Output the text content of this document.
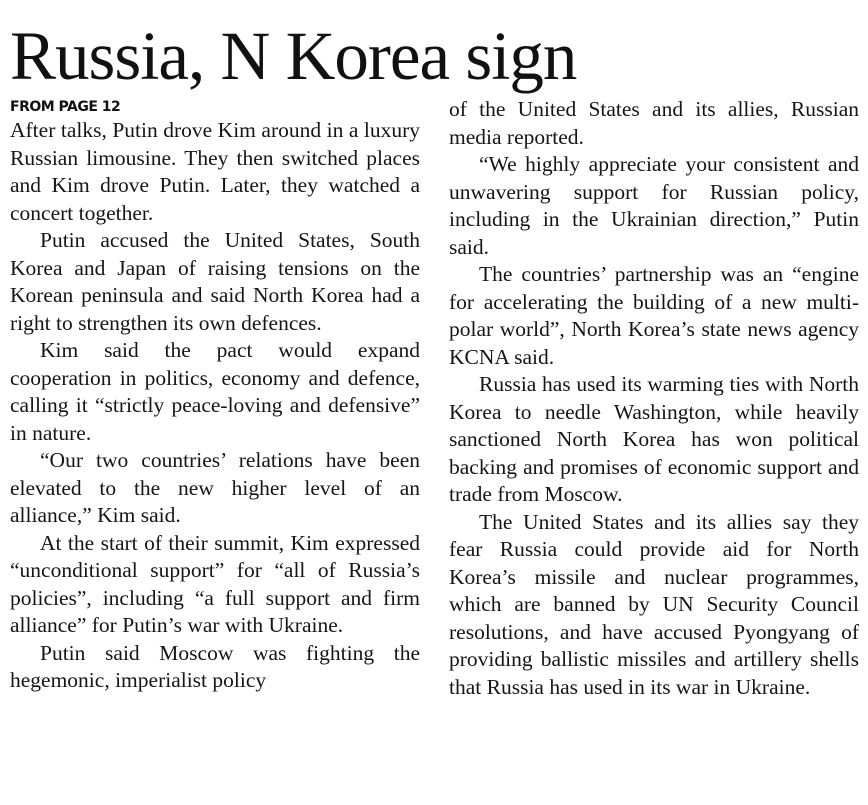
Russia, N Korea sign
FROM PAGE 12

After talks, Putin drove Kim around in a luxury Russian limousine. They then switched places and Kim drove Putin. Later, they watched a concert together.

Putin accused the United States, South Korea and Japan of raising tensions on the Korean peninsula and said North Korea had a right to strengthen its own defences.

Kim said the pact would expand cooperation in politics, economy and defence, calling it “strictly peace-loving and defensive” in nature.

“Our two countries’ relations have been elevated to the new higher level of an alliance,” Kim said.

At the start of their summit, Kim expressed “unconditional support” for “all of Russia’s policies”, including “a full support and firm alliance” for Putin’s war with Ukraine.

Putin said Moscow was fighting the hegemonic, imperialist policy

of the United States and its allies, Russian media reported.

“We highly appreciate your consistent and unwavering support for Russian policy, including in the Ukrainian direction,” Putin said.

The countries’ partnership was an “engine for accelerating the building of a new multi-polar world”, North Korea’s state news agency KCNA said.

Russia has used its warming ties with North Korea to needle Washington, while heavily sanctioned North Korea has won political backing and promises of economic support and trade from Moscow.

The United States and its allies say they fear Russia could provide aid for North Korea’s missile and nuclear programmes, which are banned by UN Security Council resolutions, and have accused Pyongyang of providing ballistic missiles and artillery shells that Russia has used in its war in Ukraine.
